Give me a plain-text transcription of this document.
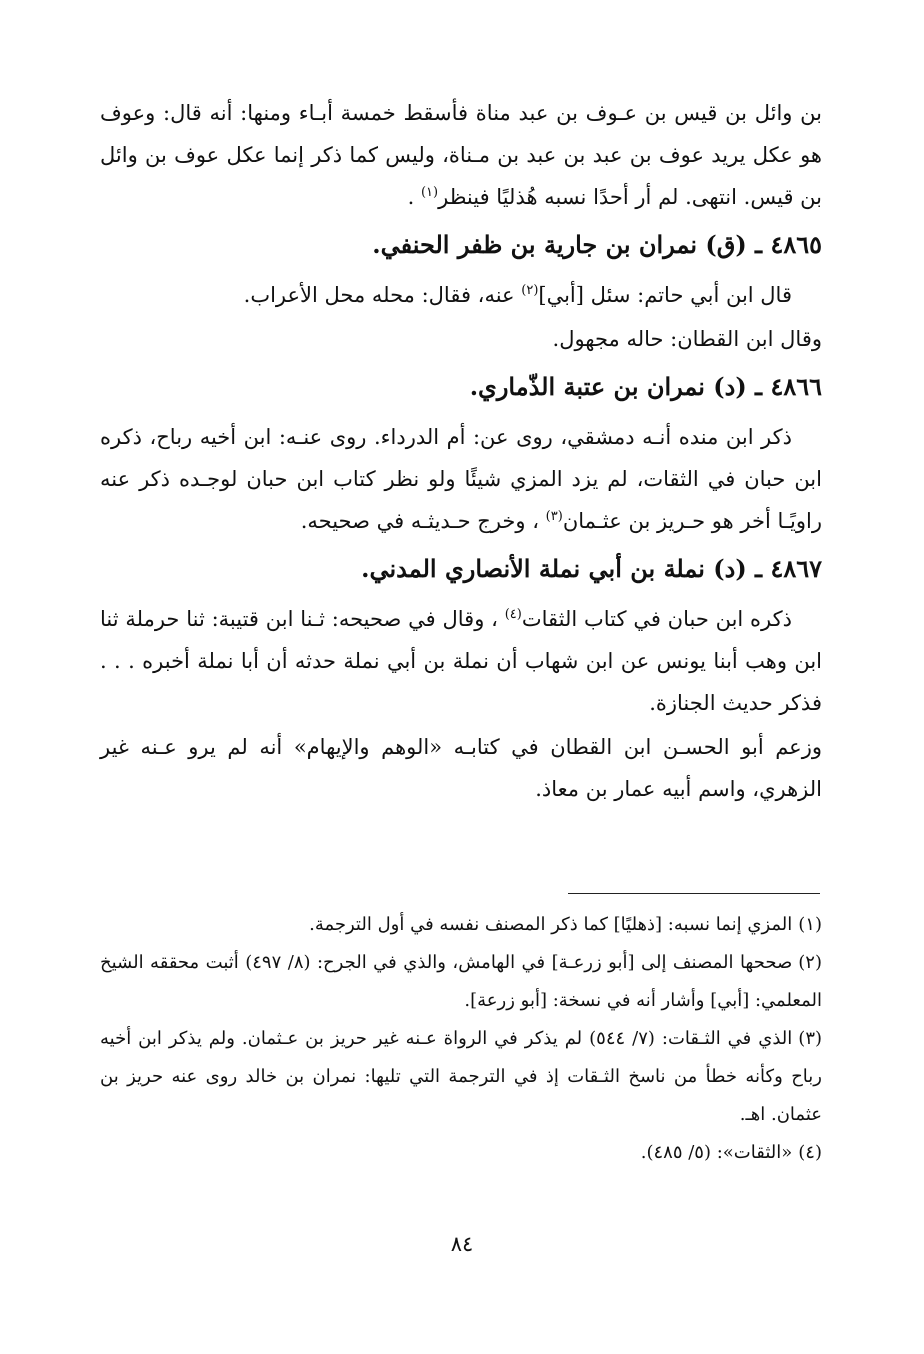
بن وائل بن قيس بن عـوف بن عبد مناة فأسقط خمسة أبـاء ومنها: أنه قال: وعوف هو عكل يريد عوف بن عبد بن عبد بن مـناة، وليس كما ذكر إنما عكل عوف بن وائل بن قيس. انتهى. لم أر أحدًا نسبه هُذليًا فينظر$^{(١)}$ .

٤٨٦٥ ـ (ق) نمران بن جارية بن ظفر الحنفي.

قال ابن أبي حاتم: سئل [أبي]$^{(٢)}$ عنه، فقال: محله محل الأعراب.

وقال ابن القطان: حاله مجهول.

٤٨٦٦ ـ (د) نمران بن عتبة الذّماري.

ذكر ابن منده أنـه دمشقي، روى عن: أم الدرداء. روى عنـه: ابن أخيه رباح، ذكره ابن حبان في الثقات، لم يزد المزي شيئًا ولو نظر كتاب ابن حبان لوجـده ذكر عنه راويًـا أخر هو حـريز بن عثـمان$^{(٣)}$ ، وخرج حـديثـه في صحيحه.

٤٨٦٧ ـ (د) نملة بن أبي نملة الأنصاري المدني.

ذكره ابن حبان في كتاب الثقات$^{(٤)}$ ، وقال في صحيحه: ثـنا ابن قتيبة: ثنا حرملة ثنا ابن وهب أبنا يونس عن ابن شهاب أن نملة بن أبي نملة حدثه أن أبا نملة أخبره . . . فذكر حديث الجنازة.

وزعم أبو الحسـن ابن القطان في كتابـه «الوهم والإيهام» أنه لم يرو عـنه غير الزهري، واسم أبيه عمار بن معاذ.

(١)المزي إنما نسبه: [ذهليًا] كما ذكر المصنف نفسه في أول الترجمة.

(٢)صححها المصنف إلى [أبو زرعـة] في الهامش، والذي في الجرح: (٨/ ٤٩٧) أثبت محققه الشيخ المعلمي: [أبي] وأشار أنه في نسخة: [أبو زرعة].

(٣)الذي في الثـقات: (٧/ ٥٤٤) لم يذكر في الرواة عـنه غير حريز بن عـثمان. ولم يذكر ابن أخيه رباح وكأنه خطأ من ناسخ الثـقات إذ في الترجمة التي تليها: نمران بن خالد روى عنه حريز بن عثمان. اهـ.

(٤)«الثقات»: (٥/ ٤٨٥).

٨٤
